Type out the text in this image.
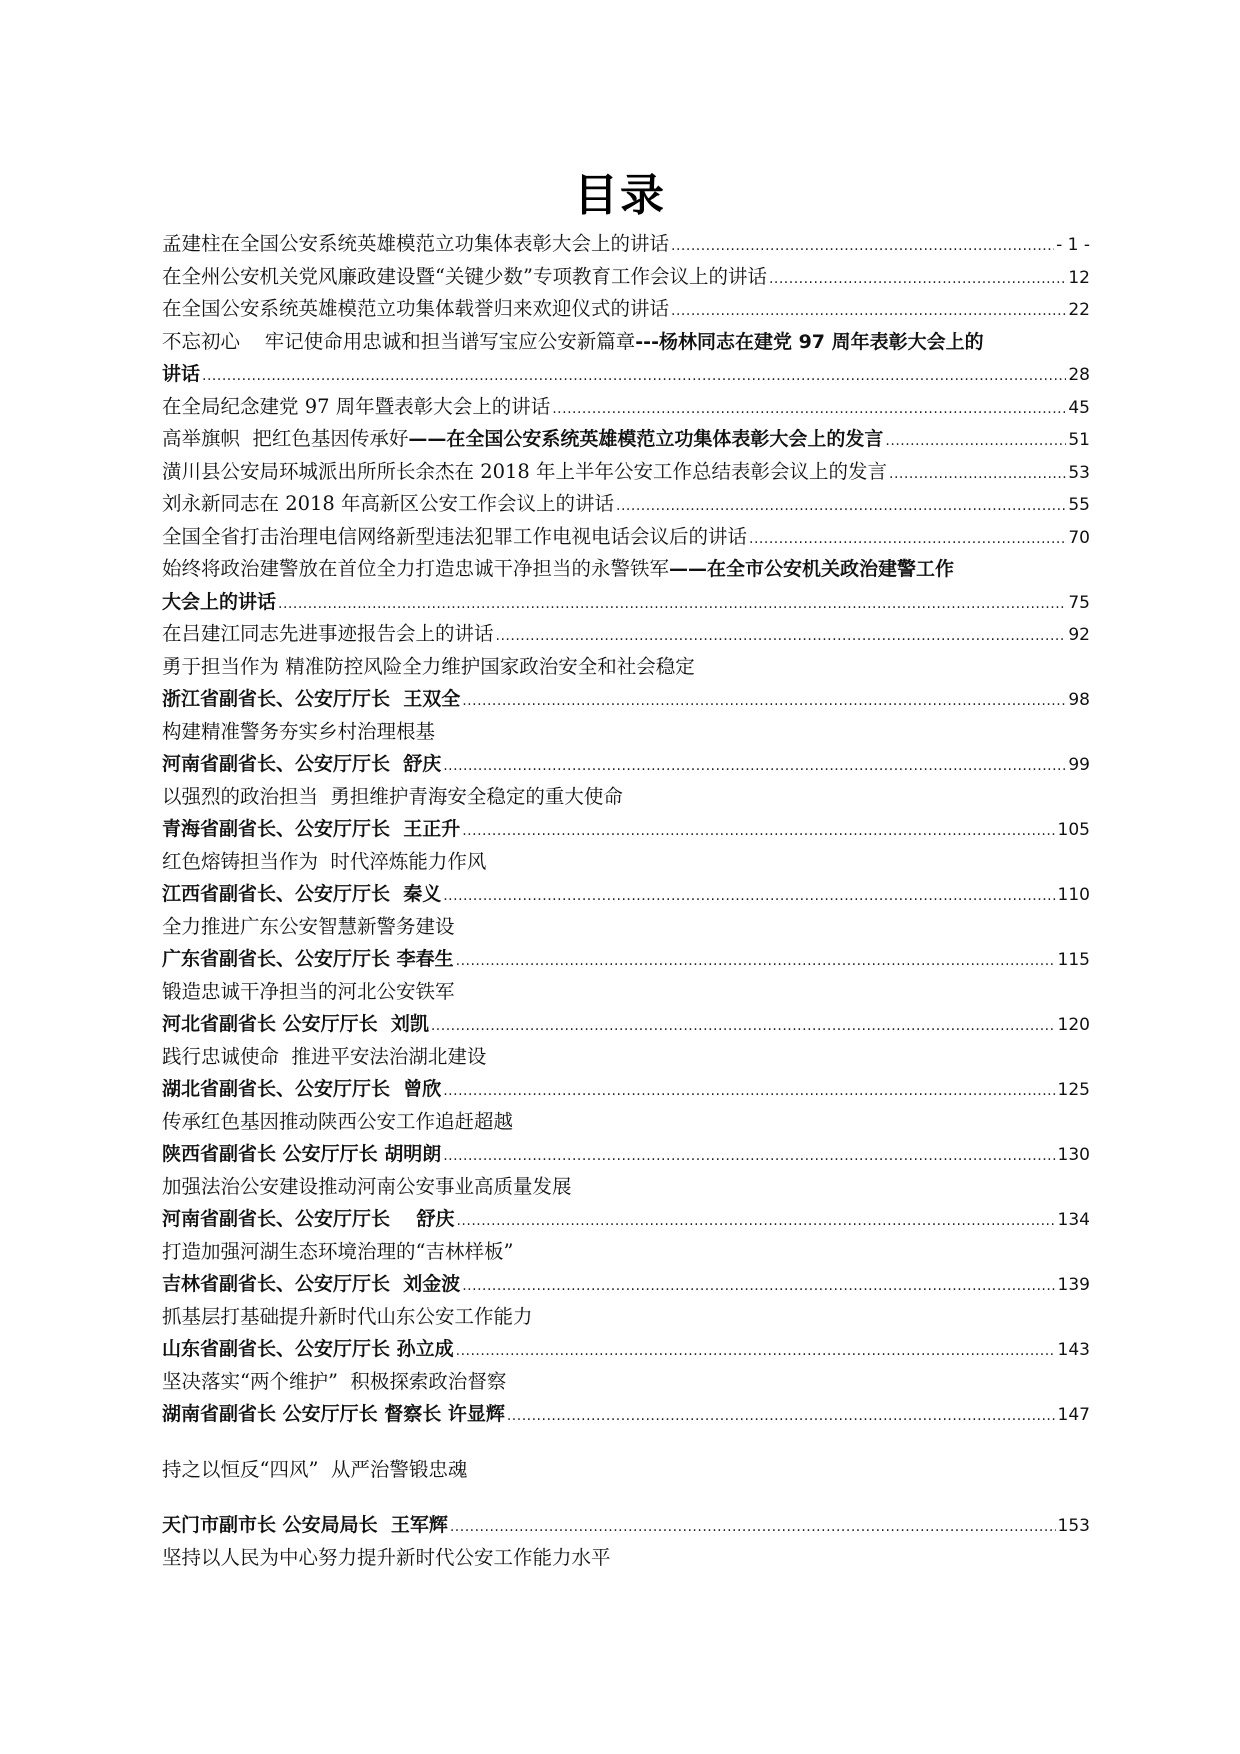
目录
孟建柱在全国公安系统英雄模范立功集体表彰大会上的讲话 .....	- 1 -
在全州公安机关党风廉政建设暨“关键少数”专项教育工作会议上的讲话 .....	12
在全国公安系统英雄模范立功集体载誉归来欢迎仪式的讲话 .....	22
不忘初心    牢记使命用忠诚和担当谱写宝应公安新篇章---杨林同志在建党 97 周年表彰大会上的
讲话 .....	28
在全局纪念建党 97 周年暨表彰大会上的讲话 .....	45
高举旗帜  把红色基因传承好——在全国公安系统英雄模范立功集体表彰大会上的发言 .....	51
潢川县公安局环城派出所所长余杰在 2018 年上半年公安工作总结表彰会议上的发言 .....	53
刘永新同志在 2018 年高新区公安工作会议上的讲话 .....	55
全国全省打击治理电信网络新型违法犯罪工作电视电话会议后的讲话 .....	70
始终将政治建警放在首位全力打造忠诚干净担当的永警铁军——在全市公安机关政治建警工作
大会上的讲话 .....	75
在吕建江同志先进事迹报告会上的讲话 .....	92
勇于担当作为 精准防控风险全力维护国家政治安全和社会稳定
浙江省副省长、公安厅厅长  王双全 .....	98
构建精准警务夯实乡村治理根基
河南省副省长、公安厅厅长  舒庆 .....	99
以强烈的政治担当  勇担维护青海安全稳定的重大使命
青海省副省长、公安厅厅长  王正升 .....	105
红色熔铸担当作为  时代淬炼能力作风
江西省副省长、公安厅厅长  秦义 .....	110
全力推进广东公安智慧新警务建设
广东省副省长、公安厅厅长 李春生 .....	115
锻造忠诚干净担当的河北公安铁军
河北省副省长 公安厅厅长  刘凯 .....	120
践行忠诚使命  推进平安法治湖北建设
湖北省副省长、公安厅厅长  曾欣 .....	125
传承红色基因推动陕西公安工作追赶超越
陕西省副省长 公安厅厅长 胡明朗 .....	130
加强法治公安建设推动河南公安事业高质量发展
河南省副省长、公安厅厅长    舒庆 .....	134
打造加强河湖生态环境治理的“吉林样板”
吉林省副省长、公安厅厅长  刘金波 .....	139
抓基层打基础提升新时代山东公安工作能力
山东省副省长、公安厅厅长 孙立成 .....	143
坚决落实“两个维护”  积极探索政治督察
湖南省副省长 公安厅厅长 督察长 许显辉 .....	147
持之以恒反“四风”  从严治警锻忠魂
天门市副市长 公安局局长  王军辉 .....	153
坚持以人民为中心努力提升新时代公安工作能力水平
